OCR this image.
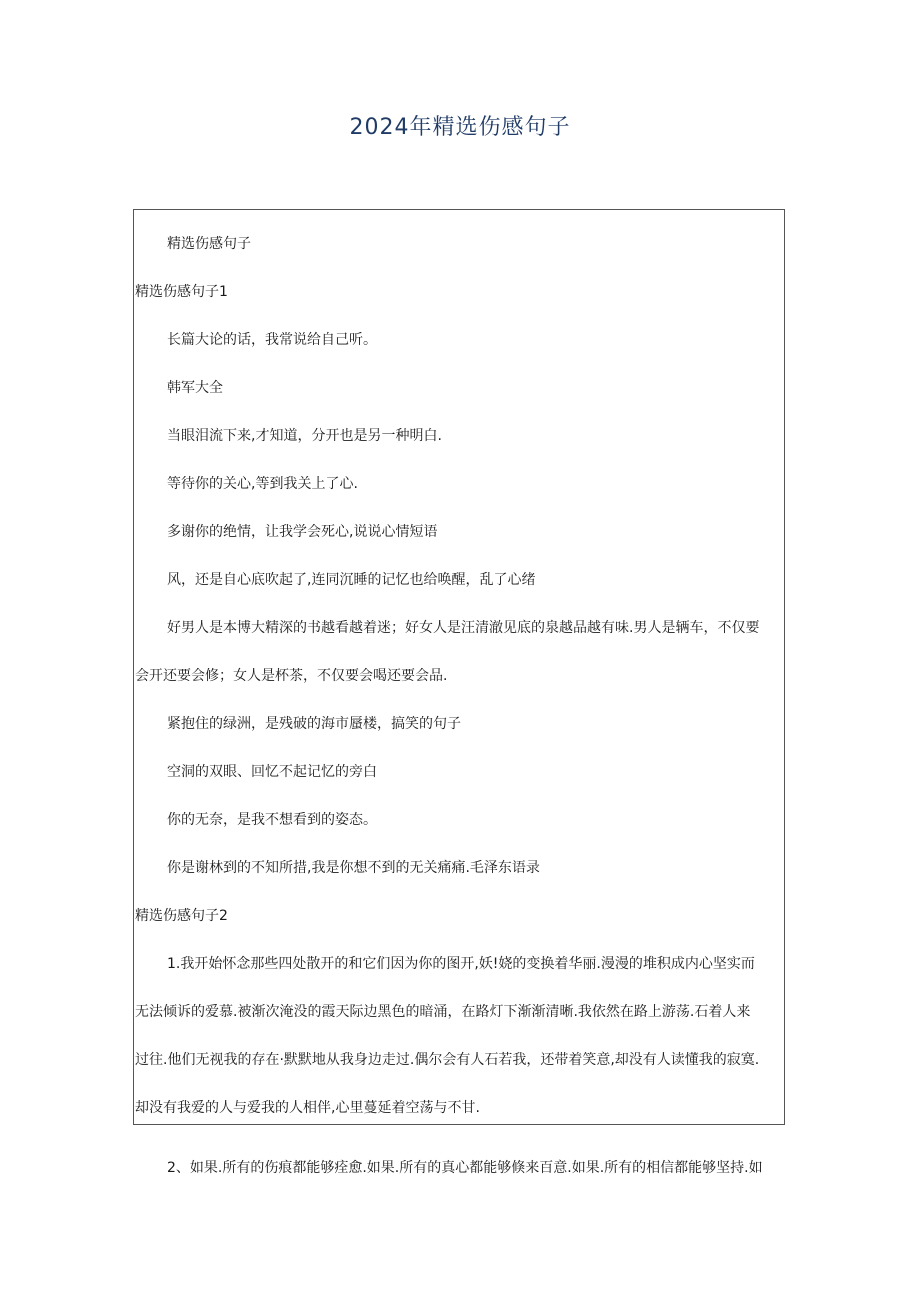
2024年精选伤感句子
精选伤感句子
精选伤感句子1
长篇大论的话，我常说给自己听。
韩军大全
当眼泪流下来,才知道，分开也是另一种明白.
等待你的关心,等到我关上了心.
多谢你的绝情，让我学会死心,说说心情短语
风，还是自心底吹起了,连同沉睡的记忆也给唤醒，乱了心绪
好男人是本博大精深的书越看越着迷；好女人是汪清澈见底的泉越品越有味.男人是辆车，不仅要
会开还要会修；女人是杯茶，不仅要会喝还要会品.
紧抱住的绿洲，是残破的海市蜃楼，搞笑的句子
空洞的双眼、回忆不起记忆的旁白
你的无奈，是我不想看到的姿态。
你是谢林到的不知所措,我是你想不到的无关痛痛.毛泽东语录
精选伤感句子2
1.我开始怀念那些四处散开的和它们因为你的图开,妖!娆的变换着华丽.漫漫的堆积成内心坚实而
无法倾诉的爱慕.被渐次淹没的霞天际边黑色的暗涌，在路灯下渐渐清晰.我依然在路上游荡.石着人来
过往.他们无视我的存在·默默地从我身边走过.偶尔会有人石若我，还带着笑意,却没有人读懂我的寂寞.
却没有我爱的人与爱我的人相伴,心里蔓延着空荡与不甘.
2、如果.所有的伤痕都能够痊愈.如果.所有的真心都能够倏来百意.如果.所有的相信都能够坚持.如
